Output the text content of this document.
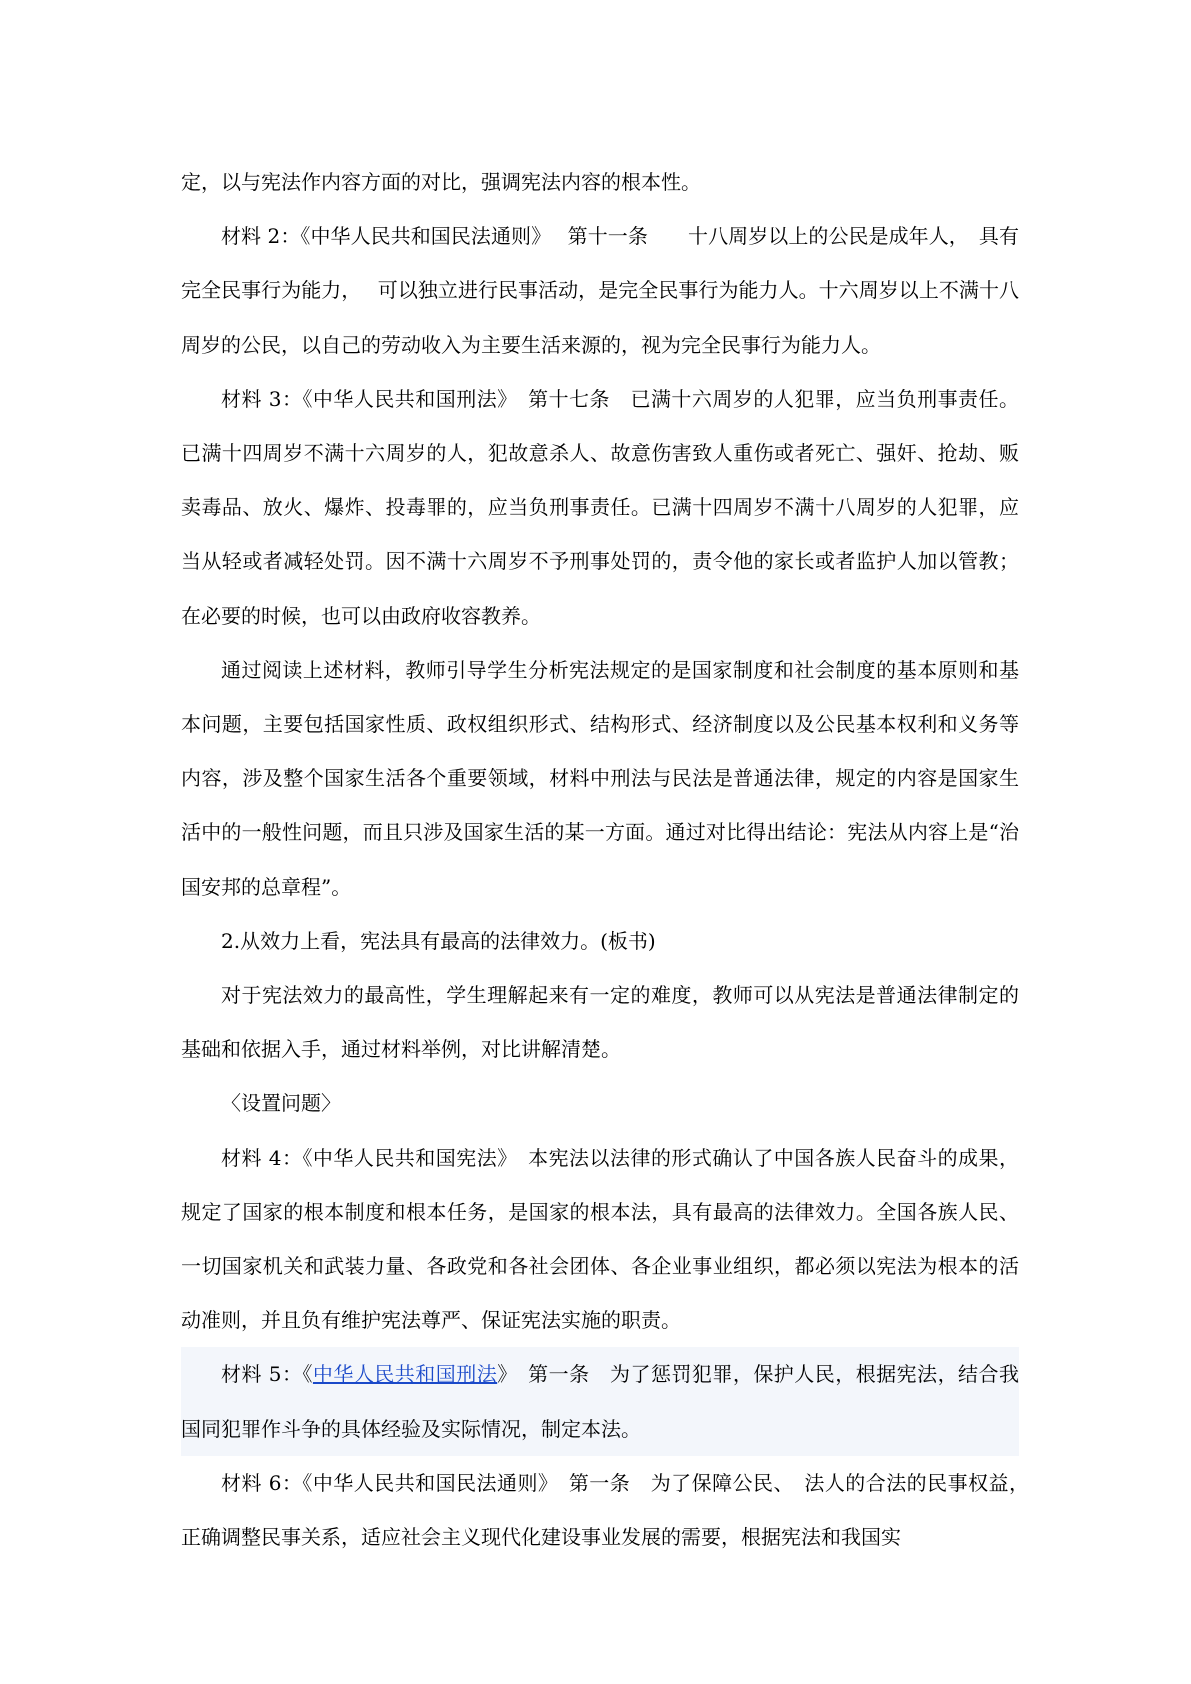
定，以与宪法作内容方面的对比，强调宪法内容的根本性。

材料 2：《中华人民共和国民法通则》　 第十一条　　十八周岁以上的公民是成年人，　具有完全民事行为能力，　 可以独立进行民事活动，是完全民事行为能力人。十六周岁以上不满十八周岁的公民，以自己的劳动收入为主要生活来源的，视为完全民事行为能力人。

材料 3：《中华人民共和国刑法》　第十七条　已满十六周岁的人犯罪，应当负刑事责任。已满十四周岁不满十六周岁的人，犯故意杀人、故意伤害致人重伤或者死亡、强奸、抢劫、贩卖毒品、放火、爆炸、投毒罪的，应当负刑事责任。已满十四周岁不满十八周岁的人犯罪，应当从轻或者减轻处罚。因不满十六周岁不予刑事处罚的，责令他的家长或者监护人加以管教；在必要的时候，也可以由政府收容教养。

通过阅读上述材料，教师引导学生分析宪法规定的是国家制度和社会制度的基本原则和基本问题，主要包括国家性质、政权组织形式、结构形式、经济制度以及公民基本权利和义务等内容，涉及整个国家生活各个重要领域，材料中刑法与民法是普通法律，规定的内容是国家生活中的一般性问题，而且只涉及国家生活的某一方面。通过对比得出结论：宪法从内容上是“治国安邦的总章程”。

2.从效力上看，宪法具有最高的法律效力。(板书)

对于宪法效力的最高性，学生理解起来有一定的难度，教师可以从宪法是普通法律制定的基础和依据入手，通过材料举例，对比讲解清楚。

〈设置问题〉

材料 4：《中华人民共和国宪法》　本宪法以法律的形式确认了中国各族人民奋斗的成果，规定了国家的根本制度和根本任务，是国家的根本法，具有最高的法律效力。全国各族人民、一切国家机关和武装力量、各政党和各社会团体、各企业事业组织，都必须以宪法为根本的活动准则，并且负有维护宪法尊严、保证宪法实施的职责。

材料 5：《中华人民共和国刑法》　第一条　为了惩罚犯罪，保护人民，根据宪法，结合我国同犯罪作斗争的具体经验及实际情况，制定本法。

材料 6：《中华人民共和国民法通则》　第一条　为了保障公民、　法人的合法的民事权益，　正确调整民事关系，适应社会主义现代化建设事业发展的需要，根据宪法和我国实
